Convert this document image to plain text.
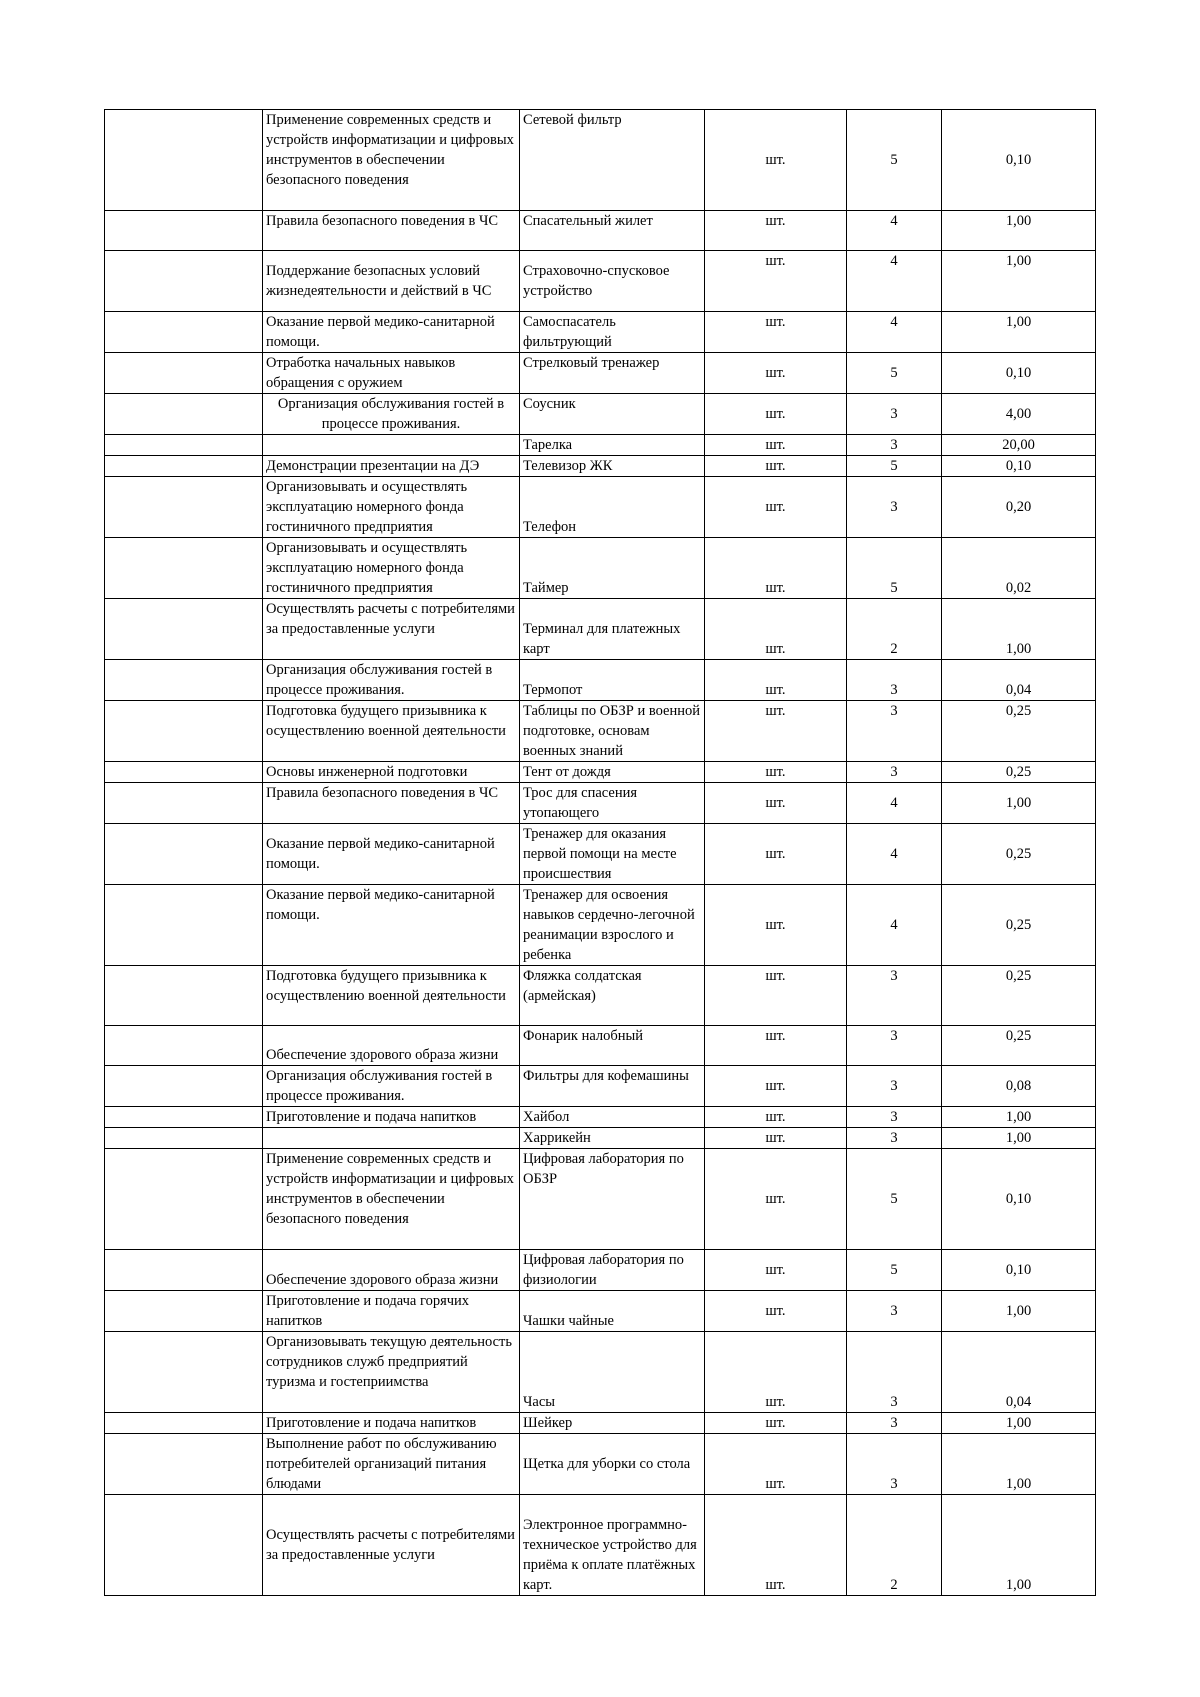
	Применение современных средств и устройств информатизации и цифровых инструментов в обеспечении безопасного поведения	Сетевой фильтр	шт.	5	0,10
	Правила безопасного поведения в ЧС	Спасательный жилет	шт.	4	1,00
	Поддержание безопасных условий жизнедеятельности и действий в ЧС	Страховочно-спусковое устройство	шт.	4	1,00
	Оказание первой медико-санитарной помощи.	Самоспасатель фильтрующий	шт.	4	1,00
	Отработка начальных навыков обращения с оружием	Стрелковый тренажер	шт.	5	0,10
	Организация обслуживания гостей в процессе проживания.	Соусник	шт.	3	4,00
		Тарелка	шт.	3	20,00
	Демонстрации презентации на ДЭ	Телевизор ЖК	шт.	5	0,10
	Организовывать и осуществлять эксплуатацию номерного фонда гостиничного предприятия	Телефон	шт.	3	0,20
	Организовывать и осуществлять эксплуатацию номерного фонда гостиничного предприятия	Таймер	шт.	5	0,02
	Осуществлять расчеты с потребителями за предоставленные услуги	Терминал для платежных карт	шт.	2	1,00
	Организация обслуживания гостей в процессе проживания.	Термопот	шт.	3	0,04
	Подготовка будущего призывника к осуществлению военной деятельности	Таблицы по ОБЗР и военной подготовке, основам военных знаний	шт.	3	0,25
	Основы инженерной подготовки	Тент от дождя	шт.	3	0,25
	Правила безопасного поведения в ЧС	Трос для спасения утопающего	шт.	4	1,00
	Оказание первой медико-санитарной помощи.	Тренажер для оказания первой помощи на месте происшествия	шт.	4	0,25
	Оказание первой медико-санитарной помощи.	Тренажер для освоения навыков сердечно-легочной реанимации взрослого и ребенка	шт.	4	0,25
	Подготовка будущего призывника к осуществлению военной деятельности	Фляжка солдатская (армейская)	шт.	3	0,25
	Обеспечение здорового образа жизни	Фонарик налобный	шт.	3	0,25
	Организация обслуживания гостей в процессе проживания.	Фильтры для кофемашины	шт.	3	0,08
	Приготовление и подача напитков	Хайбол	шт.	3	1,00
		Харрикейн	шт.	3	1,00
	Применение современных средств и устройств информатизации и цифровых инструментов в обеспечении безопасного поведения	Цифровая лаборатория по ОБЗР	шт.	5	0,10
	Обеспечение здорового образа жизни	Цифровая лаборатория по физиологии	шт.	5	0,10
	Приготовление и подача горячих напитков	Чашки чайные	шт.	3	1,00
	Организовывать текущую деятельность сотрудников служб предприятий туризма и гостеприимства	Часы	шт.	3	0,04
	Приготовление и подача напитков	Шейкер	шт.	3	1,00
	Выполнение работ по обслуживанию потребителей организаций питания блюдами	Щетка для уборки со стола	шт.	3	1,00
	Осуществлять расчеты с потребителями за предоставленные услуги	Электронное программно-техническое устройство для приёма к оплате платёжных карт.	шт.	2	1,00
